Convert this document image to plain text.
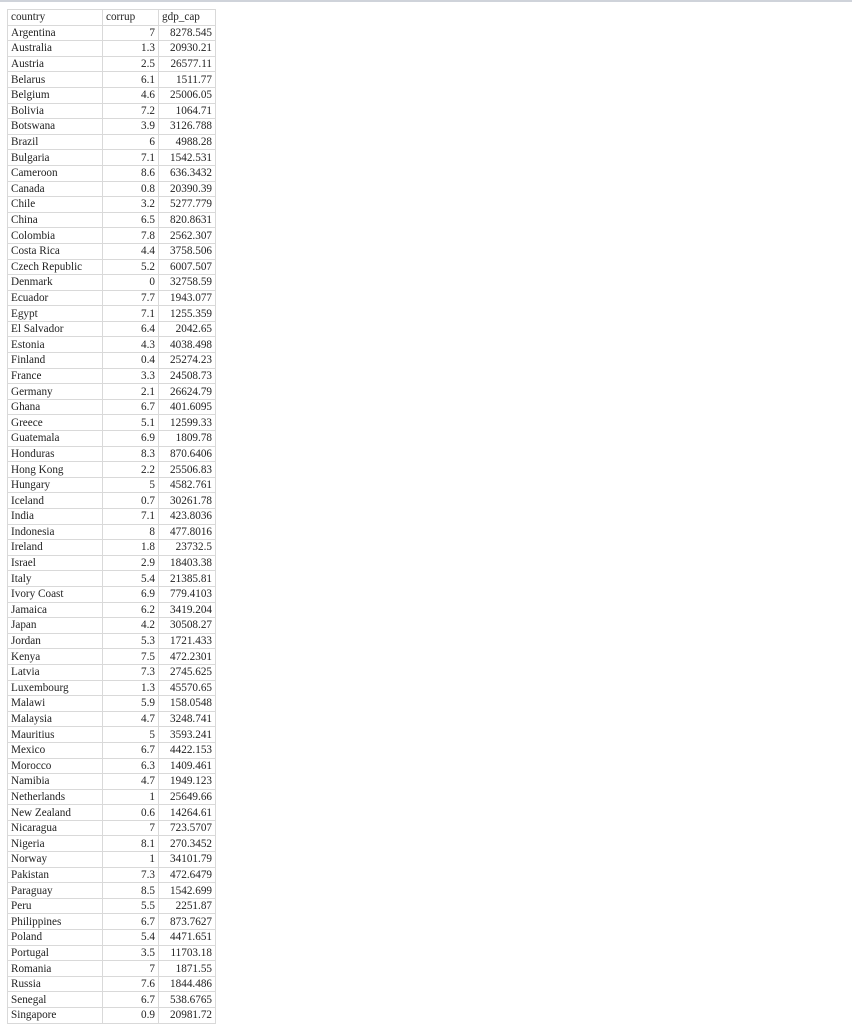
country	corrup	gdp_cap
Argentina	7	8278.545
Australia	1.3	20930.21
Austria	2.5	26577.11
Belarus	6.1	1511.77
Belgium	4.6	25006.05
Bolivia	7.2	1064.71
Botswana	3.9	3126.788
Brazil	6	4988.28
Bulgaria	7.1	1542.531
Cameroon	8.6	636.3432
Canada	0.8	20390.39
Chile	3.2	5277.779
China	6.5	820.8631
Colombia	7.8	2562.307
Costa Rica	4.4	3758.506
Czech Republic	5.2	6007.507
Denmark	0	32758.59
Ecuador	7.7	1943.077
Egypt	7.1	1255.359
El Salvador	6.4	2042.65
Estonia	4.3	4038.498
Finland	0.4	25274.23
France	3.3	24508.73
Germany	2.1	26624.79
Ghana	6.7	401.6095
Greece	5.1	12599.33
Guatemala	6.9	1809.78
Honduras	8.3	870.6406
Hong Kong	2.2	25506.83
Hungary	5	4582.761
Iceland	0.7	30261.78
India	7.1	423.8036
Indonesia	8	477.8016
Ireland	1.8	23732.5
Israel	2.9	18403.38
Italy	5.4	21385.81
Ivory Coast	6.9	779.4103
Jamaica	6.2	3419.204
Japan	4.2	30508.27
Jordan	5.3	1721.433
Kenya	7.5	472.2301
Latvia	7.3	2745.625
Luxembourg	1.3	45570.65
Malawi	5.9	158.0548
Malaysia	4.7	3248.741
Mauritius	5	3593.241
Mexico	6.7	4422.153
Morocco	6.3	1409.461
Namibia	4.7	1949.123
Netherlands	1	25649.66
New Zealand	0.6	14264.61
Nicaragua	7	723.5707
Nigeria	8.1	270.3452
Norway	1	34101.79
Pakistan	7.3	472.6479
Paraguay	8.5	1542.699
Peru	5.5	2251.87
Philippines	6.7	873.7627
Poland	5.4	4471.651
Portugal	3.5	11703.18
Romania	7	1871.55
Russia	7.6	1844.486
Senegal	6.7	538.6765
Singapore	0.9	20981.72
